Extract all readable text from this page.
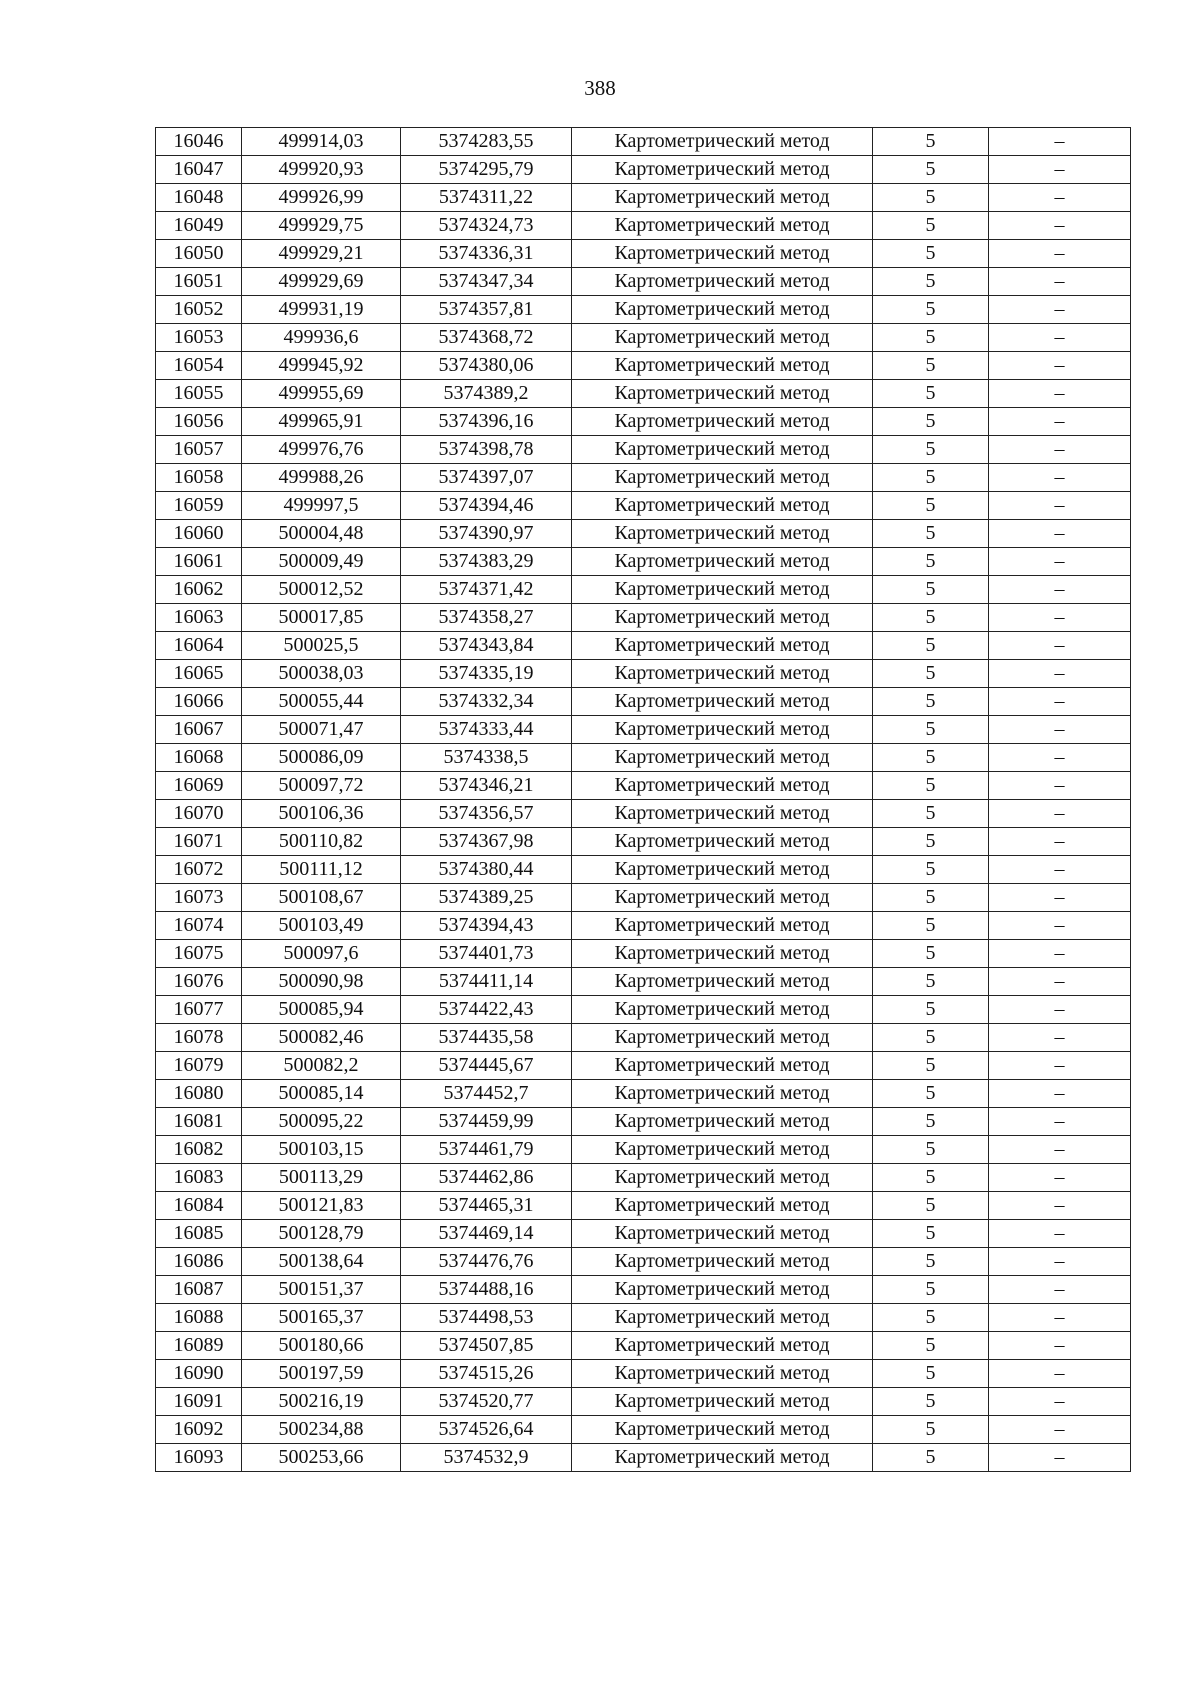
388
16046	499914,03	5374283,55	Картометрический метод	5	–
16047	499920,93	5374295,79	Картометрический метод	5	–
16048	499926,99	5374311,22	Картометрический метод	5	–
16049	499929,75	5374324,73	Картометрический метод	5	–
16050	499929,21	5374336,31	Картометрический метод	5	–
16051	499929,69	5374347,34	Картометрический метод	5	–
16052	499931,19	5374357,81	Картометрический метод	5	–
16053	499936,6	5374368,72	Картометрический метод	5	–
16054	499945,92	5374380,06	Картометрический метод	5	–
16055	499955,69	5374389,2	Картометрический метод	5	–
16056	499965,91	5374396,16	Картометрический метод	5	–
16057	499976,76	5374398,78	Картометрический метод	5	–
16058	499988,26	5374397,07	Картометрический метод	5	–
16059	499997,5	5374394,46	Картометрический метод	5	–
16060	500004,48	5374390,97	Картометрический метод	5	–
16061	500009,49	5374383,29	Картометрический метод	5	–
16062	500012,52	5374371,42	Картометрический метод	5	–
16063	500017,85	5374358,27	Картометрический метод	5	–
16064	500025,5	5374343,84	Картометрический метод	5	–
16065	500038,03	5374335,19	Картометрический метод	5	–
16066	500055,44	5374332,34	Картометрический метод	5	–
16067	500071,47	5374333,44	Картометрический метод	5	–
16068	500086,09	5374338,5	Картометрический метод	5	–
16069	500097,72	5374346,21	Картометрический метод	5	–
16070	500106,36	5374356,57	Картометрический метод	5	–
16071	500110,82	5374367,98	Картометрический метод	5	–
16072	500111,12	5374380,44	Картометрический метод	5	–
16073	500108,67	5374389,25	Картометрический метод	5	–
16074	500103,49	5374394,43	Картометрический метод	5	–
16075	500097,6	5374401,73	Картометрический метод	5	–
16076	500090,98	5374411,14	Картометрический метод	5	–
16077	500085,94	5374422,43	Картометрический метод	5	–
16078	500082,46	5374435,58	Картометрический метод	5	–
16079	500082,2	5374445,67	Картометрический метод	5	–
16080	500085,14	5374452,7	Картометрический метод	5	–
16081	500095,22	5374459,99	Картометрический метод	5	–
16082	500103,15	5374461,79	Картометрический метод	5	–
16083	500113,29	5374462,86	Картометрический метод	5	–
16084	500121,83	5374465,31	Картометрический метод	5	–
16085	500128,79	5374469,14	Картометрический метод	5	–
16086	500138,64	5374476,76	Картометрический метод	5	–
16087	500151,37	5374488,16	Картометрический метод	5	–
16088	500165,37	5374498,53	Картометрический метод	5	–
16089	500180,66	5374507,85	Картометрический метод	5	–
16090	500197,59	5374515,26	Картометрический метод	5	–
16091	500216,19	5374520,77	Картометрический метод	5	–
16092	500234,88	5374526,64	Картометрический метод	5	–
16093	500253,66	5374532,9	Картометрический метод	5	–
